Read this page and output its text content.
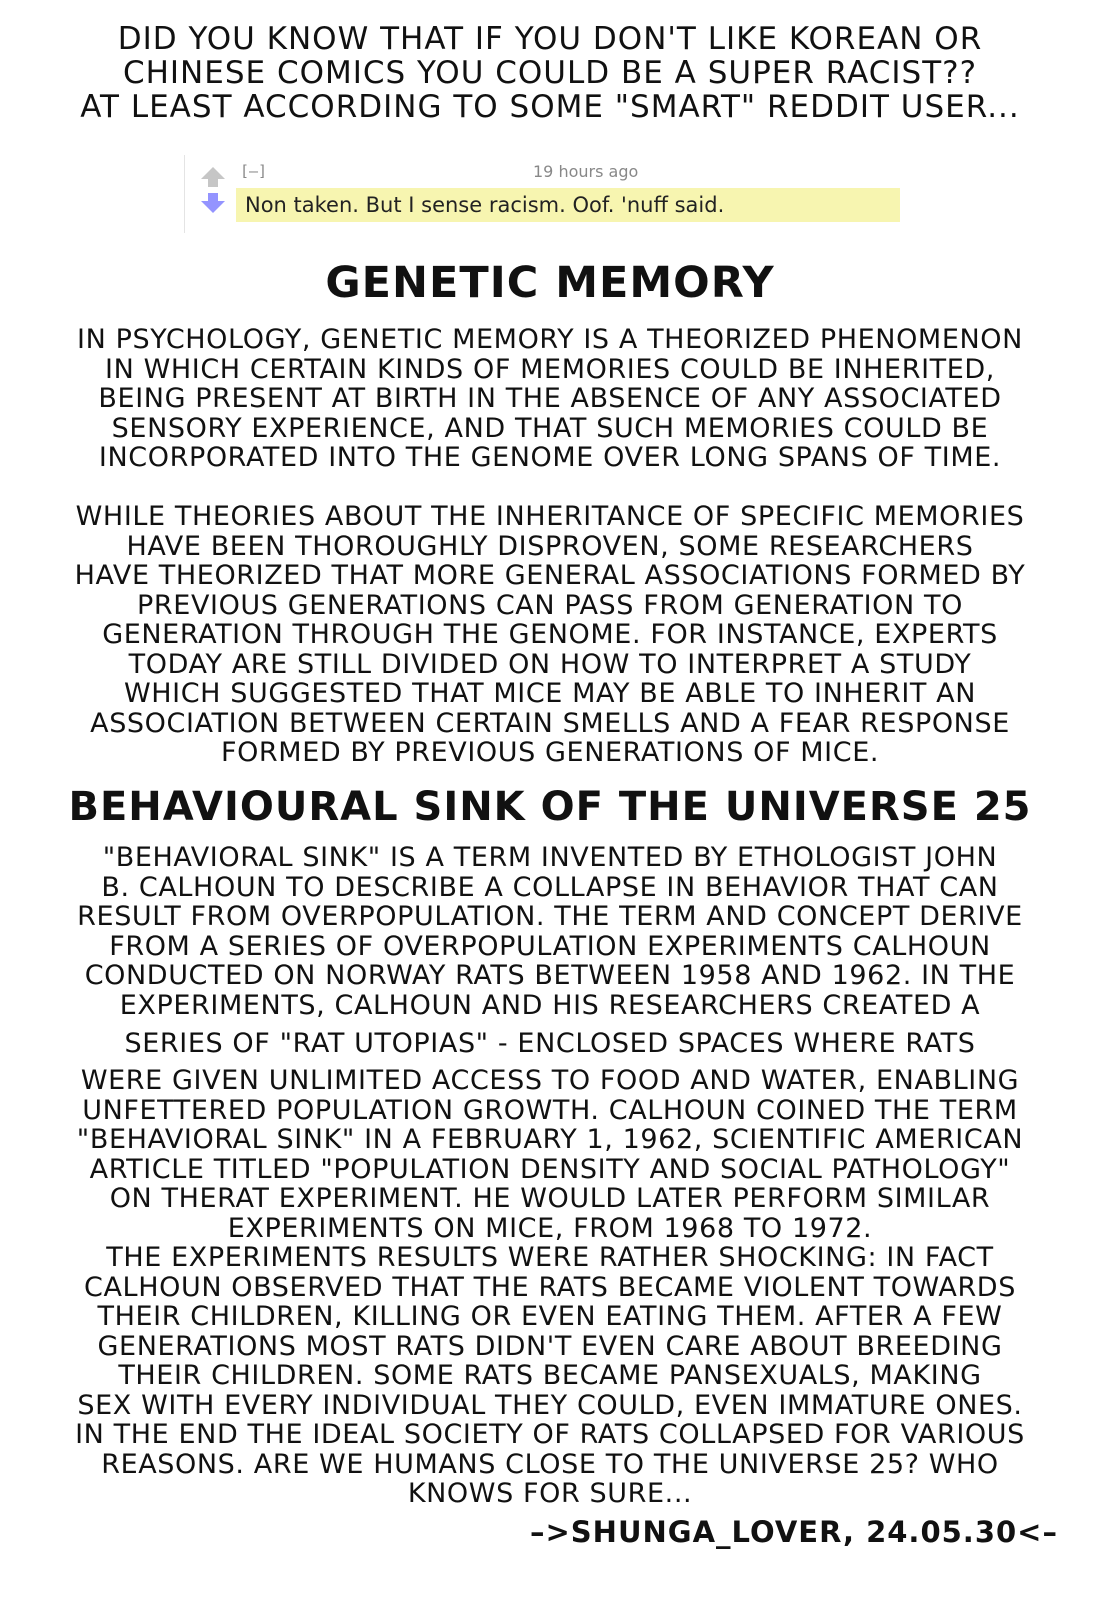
DID YOU KNOW THAT IF YOU DON'T LIKE KOREAN OR
CHINESE COMICS YOU COULD BE A SUPER RACIST??
AT LEAST ACCORDING TO SOME "SMART" REDDIT USER...
[–]	19 hours ago
Non taken. But I sense racism. Oof. 'nuff said.
GENETIC MEMORY
IN PSYCHOLOGY, GENETIC MEMORY IS A THEORIZED PHENOMENON
IN WHICH CERTAIN KINDS OF MEMORIES COULD BE INHERITED,
BEING PRESENT AT BIRTH IN THE ABSENCE OF ANY ASSOCIATED
SENSORY EXPERIENCE, AND THAT SUCH MEMORIES COULD BE
INCORPORATED INTO THE GENOME OVER LONG SPANS OF TIME.
WHILE THEORIES ABOUT THE INHERITANCE OF SPECIFIC MEMORIES
HAVE BEEN THOROUGHLY DISPROVEN, SOME RESEARCHERS
HAVE THEORIZED THAT MORE GENERAL ASSOCIATIONS FORMED BY
PREVIOUS GENERATIONS CAN PASS FROM GENERATION TO
GENERATION THROUGH THE GENOME. FOR INSTANCE, EXPERTS
TODAY ARE STILL DIVIDED ON HOW TO INTERPRET A STUDY
WHICH SUGGESTED THAT MICE MAY BE ABLE TO INHERIT AN
ASSOCIATION BETWEEN CERTAIN SMELLS AND A FEAR RESPONSE
FORMED BY PREVIOUS GENERATIONS OF MICE.
BEHAVIOURAL SINK OF THE UNIVERSE 25
"BEHAVIORAL SINK" IS A TERM INVENTED BY ETHOLOGIST JOHN
B. CALHOUN TO DESCRIBE A COLLAPSE IN BEHAVIOR THAT CAN
RESULT FROM OVERPOPULATION. THE TERM AND CONCEPT DERIVE
FROM A SERIES OF OVERPOPULATION EXPERIMENTS CALHOUN
CONDUCTED ON NORWAY RATS BETWEEN 1958 AND 1962. IN THE
EXPERIMENTS, CALHOUN AND HIS RESEARCHERS CREATED A
SERIES OF "RAT UTOPIAS" - ENCLOSED SPACES WHERE RATS
WERE GIVEN UNLIMITED ACCESS TO FOOD AND WATER, ENABLING
UNFETTERED POPULATION GROWTH. CALHOUN COINED THE TERM
"BEHAVIORAL SINK" IN A FEBRUARY 1, 1962, SCIENTIFIC AMERICAN
ARTICLE TITLED "POPULATION DENSITY AND SOCIAL PATHOLOGY"
ON THERAT EXPERIMENT. HE WOULD LATER PERFORM SIMILAR
EXPERIMENTS ON MICE, FROM 1968 TO 1972.
THE EXPERIMENTS RESULTS WERE RATHER SHOCKING: IN FACT
CALHOUN OBSERVED THAT THE RATS BECAME VIOLENT TOWARDS
THEIR CHILDREN, KILLING OR EVEN EATING THEM. AFTER A FEW
GENERATIONS MOST RATS DIDN'T EVEN CARE ABOUT BREEDING
THEIR CHILDREN. SOME RATS BECAME PANSEXUALS, MAKING
SEX WITH EVERY INDIVIDUAL THEY COULD, EVEN IMMATURE ONES.
IN THE END THE IDEAL SOCIETY OF RATS COLLAPSED FOR VARIOUS
REASONS. ARE WE HUMANS CLOSE TO THE UNIVERSE 25? WHO
KNOWS FOR SURE...
–>SHUNGA_LOVER, 24.05.30<–
